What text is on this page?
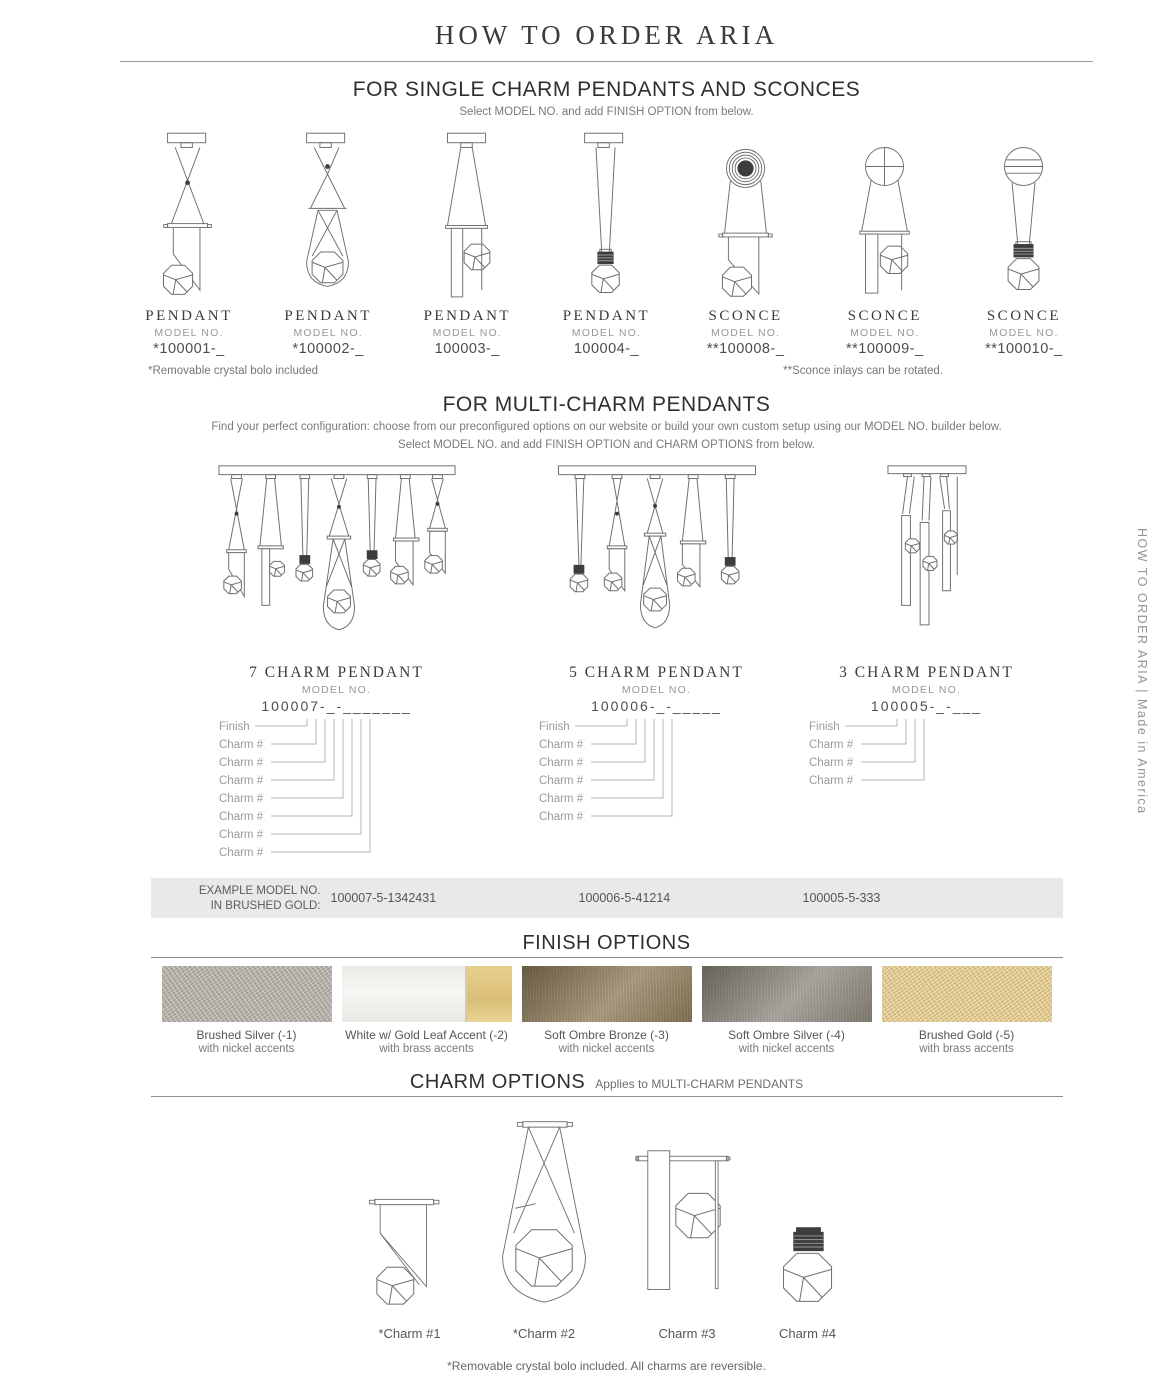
HOW TO ORDER ARIA
FOR SINGLE CHARM PENDANTS AND SCONCES
Select MODEL NO. and add FINISH OPTION from below.
PENDANT
MODEL NO.
*100001-_
PENDANT
MODEL NO.
*100002-_
PENDANT
MODEL NO.
100003-_
PENDANT
MODEL NO.
100004-_
SCONCE
MODEL NO.
**100008-_
SCONCE
MODEL NO.
**100009-_
SCONCE
MODEL NO.
**100010-_
*Removable crystal bolo included	**Sconce inlays can be rotated.
FOR MULTI-CHARM PENDANTS
Find your perfect configuration: choose from our preconfigured options on our website or build your own custom setup using our MODEL NO. builder below.
Select MODEL NO. and add FINISH OPTION and CHARM OPTIONS from below.
7 CHARM PENDANT
MODEL NO.
100007-_-_______
Finish
Charm #
Charm #
Charm #
Charm #
Charm #
Charm #
Charm #
5 CHARM PENDANT
MODEL NO.
100006-_-_____
Finish
Charm #
Charm #
Charm #
Charm #
Charm #
3 CHARM PENDANT
MODEL NO.
100005-_-___
Finish
Charm #
Charm #
Charm #
EXAMPLE MODEL NO.
IN BRUSHED GOLD:
100007-5-1342431	100006-5-41214	100005-5-333
FINISH OPTIONS
Brushed Silver (-1)
with nickel accents
White w/ Gold Leaf Accent (-2)
with brass accents
Soft Ombre Bronze (-3)
with nickel accents
Soft Ombre Silver (-4)
with nickel accents
Brushed Gold (-5)
with brass accents
CHARM OPTIONS Applies to MULTI-CHARM PENDANTS
*Charm #1	*Charm #2	Charm #3	Charm #4
*Removable crystal bolo included. All charms are reversible.
HOW TO ORDER ARIA | Made in America
